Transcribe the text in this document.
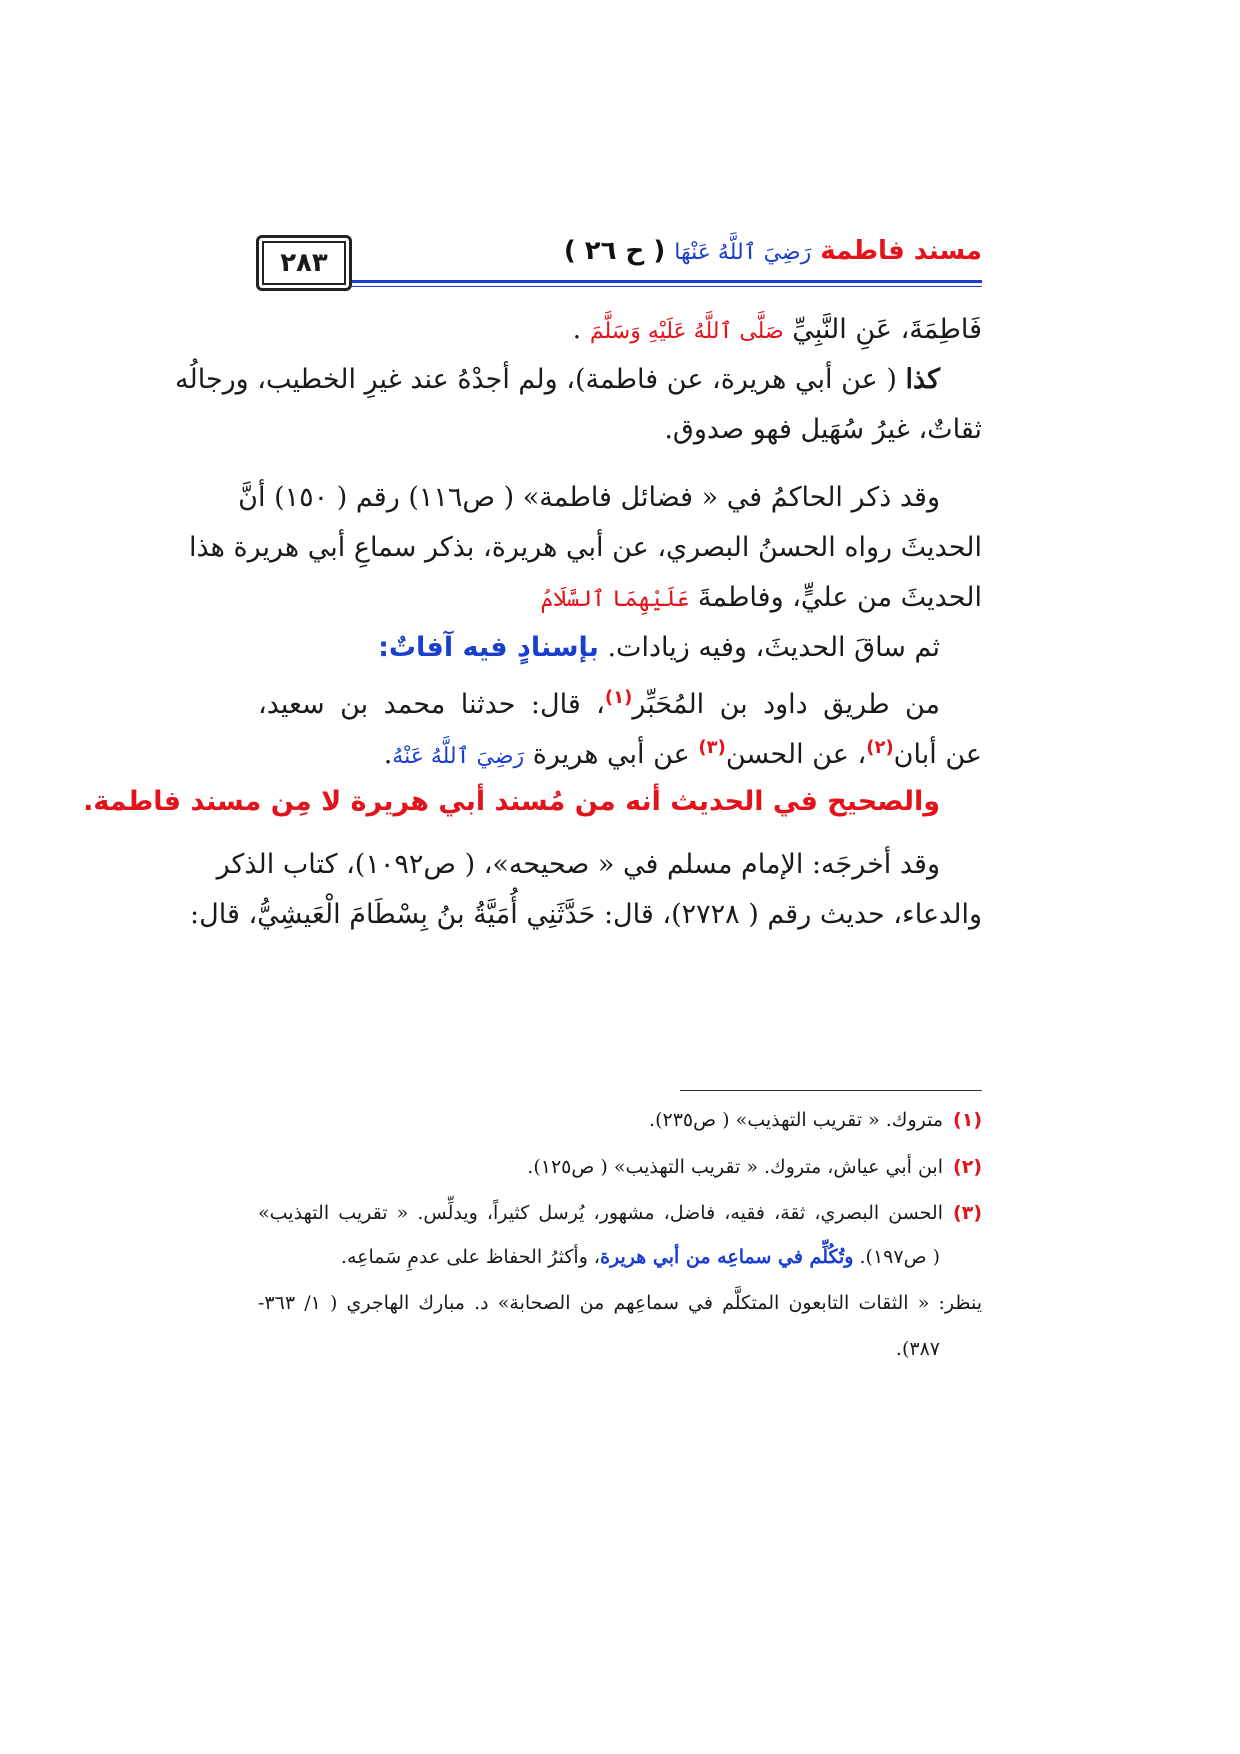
٢٨٣	مسند فاطمة رَضِيَ ٱللَّهُ عَنْهَا ( ح ٢٦ )
فَاطِمَةَ، عَنِ النَّبِيِّ صَلَّى ٱللَّهُ عَلَيْهِ وَسَلَّمَ .
كذا ( عن أبي هريرة، عن فاطمة)، ولم أجدْهُ عند غيرِ الخطيب، ورجالُه
ثقاتٌ، غيرُ سُهَيل فهو صدوق.
وقد ذكر الحاكمُ في « فضائل فاطمة» ( ص١١٦) رقم ( ١٥٠) أنَّ
الحديثَ رواه الحسنُ البصري، عن أبي هريرة، بذكر سماعِ أبي هريرة هذا
الحديثَ من عليٍّ، وفاطمةَ عَلَيْهِمَا ٱلسَّلَامُ
ثم ساقَ الحديثَ، وفيه زيادات. بإسنادٍ فيه آفاتٌ:
من طريق داود بن المُحَبِّر$^{(١)}$، قال: حدثنا محمد بن سعيد،
عن أبان$^{(٢)}$، عن الحسن$^{(٣)}$ عن أبي هريرة رَضِيَ ٱللَّهُ عَنْهُ.
والصحيح في الحديث أنه من مُسند أبي هريرة لا مِن مسند فاطمة.
وقد أخرجَه: الإمام مسلم في « صحيحه»، ( ص١٠٩٢)، كتاب الذكر
والدعاء، حديث رقم ( ٢٧٢٨)، قال: حَدَّثَنِي أُمَيَّةُ بنُ بِسْطَامَ الْعَيشِيُّ، قال:
(١)متروك. « تقريب التهذيب» ( ص٢٣٥).
(٢)ابن أبي عياش، متروك. « تقريب التهذيب» ( ص١٢٥).
(٣)الحسن البصري، ثقة، فقيه، فاضل، مشهور، يُرسل كثيراً، ويدلِّس. « تقريب التهذيب»
( ص١٩٧). وتُكُلِّم في سماعِه من أبي هريرة، وأكثرُ الحفاظ على عدمِ سَماعِه.
ينظر: « الثقات التابعون المتكلَّم في سماعِهم من الصحابة» د. مبارك الهاجري ( ١/ ٣٦٣-
٣٨٧).
